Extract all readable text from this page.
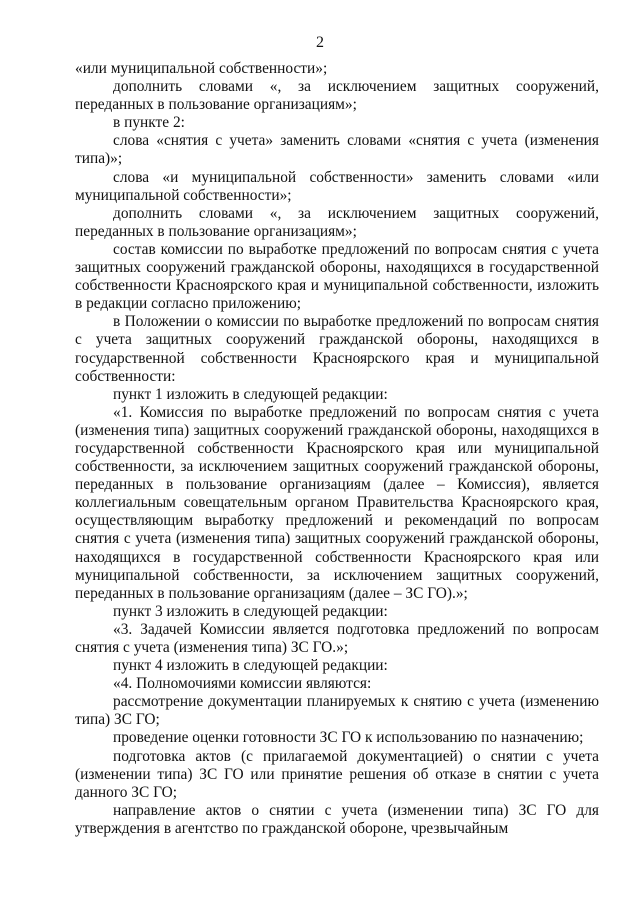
2

«или муниципальной собственности»;

дополнить словами «, за исключением защитных сооружений, переданных в пользование организациям»;

в пункте 2:

слова «снятия с учета» заменить словами «снятия с учета (изменения типа)»;

слова «и муниципальной собственности» заменить словами «или муниципальной собственности»;

дополнить словами «, за исключением защитных сооружений, переданных в пользование организациям»;

состав комиссии по выработке предложений по вопросам снятия с учета защитных сооружений гражданской обороны, находящихся в государственной собственности Красноярского края и муниципальной собственности, изложить в редакции согласно приложению;

в Положении о комиссии по выработке предложений по вопросам снятия с учета защитных сооружений гражданской обороны, находящихся в государственной собственности Красноярского края и муниципальной собственности:

пункт 1 изложить в следующей редакции:

«1. Комиссия по выработке предложений по вопросам снятия с учета (изменения типа) защитных сооружений гражданской обороны, находящихся в государственной собственности Красноярского края или муниципальной собственности, за исключением защитных сооружений гражданской обороны, переданных в пользование организациям (далее – Комиссия), является коллегиальным совещательным органом Правительства Красноярского края, осуществляющим выработку предложений и рекомендаций по вопросам снятия с учета (изменения типа) защитных сооружений гражданской обороны, находящихся в государственной собственности Красноярского края или муниципальной собственности, за исключением защитных сооружений, переданных в пользование организациям (далее – ЗС ГО).»;

пункт 3 изложить в следующей редакции:

«3. Задачей Комиссии является подготовка предложений по вопросам снятия с учета (изменения типа) ЗС ГО.»;

пункт 4 изложить в следующей редакции:

«4. Полномочиями комиссии являются:

рассмотрение документации планируемых к снятию с учета (изменению типа) ЗС ГО;

проведение оценки готовности ЗС ГО к использованию по назначению;

подготовка актов (с прилагаемой документацией) о снятии с учета (изменении типа) ЗС ГО или принятие решения об отказе в снятии с учета данного ЗС ГО;

направление актов о снятии с учета (изменении типа) ЗС ГО для утверждения в агентство по гражданской обороне, чрезвычайным
